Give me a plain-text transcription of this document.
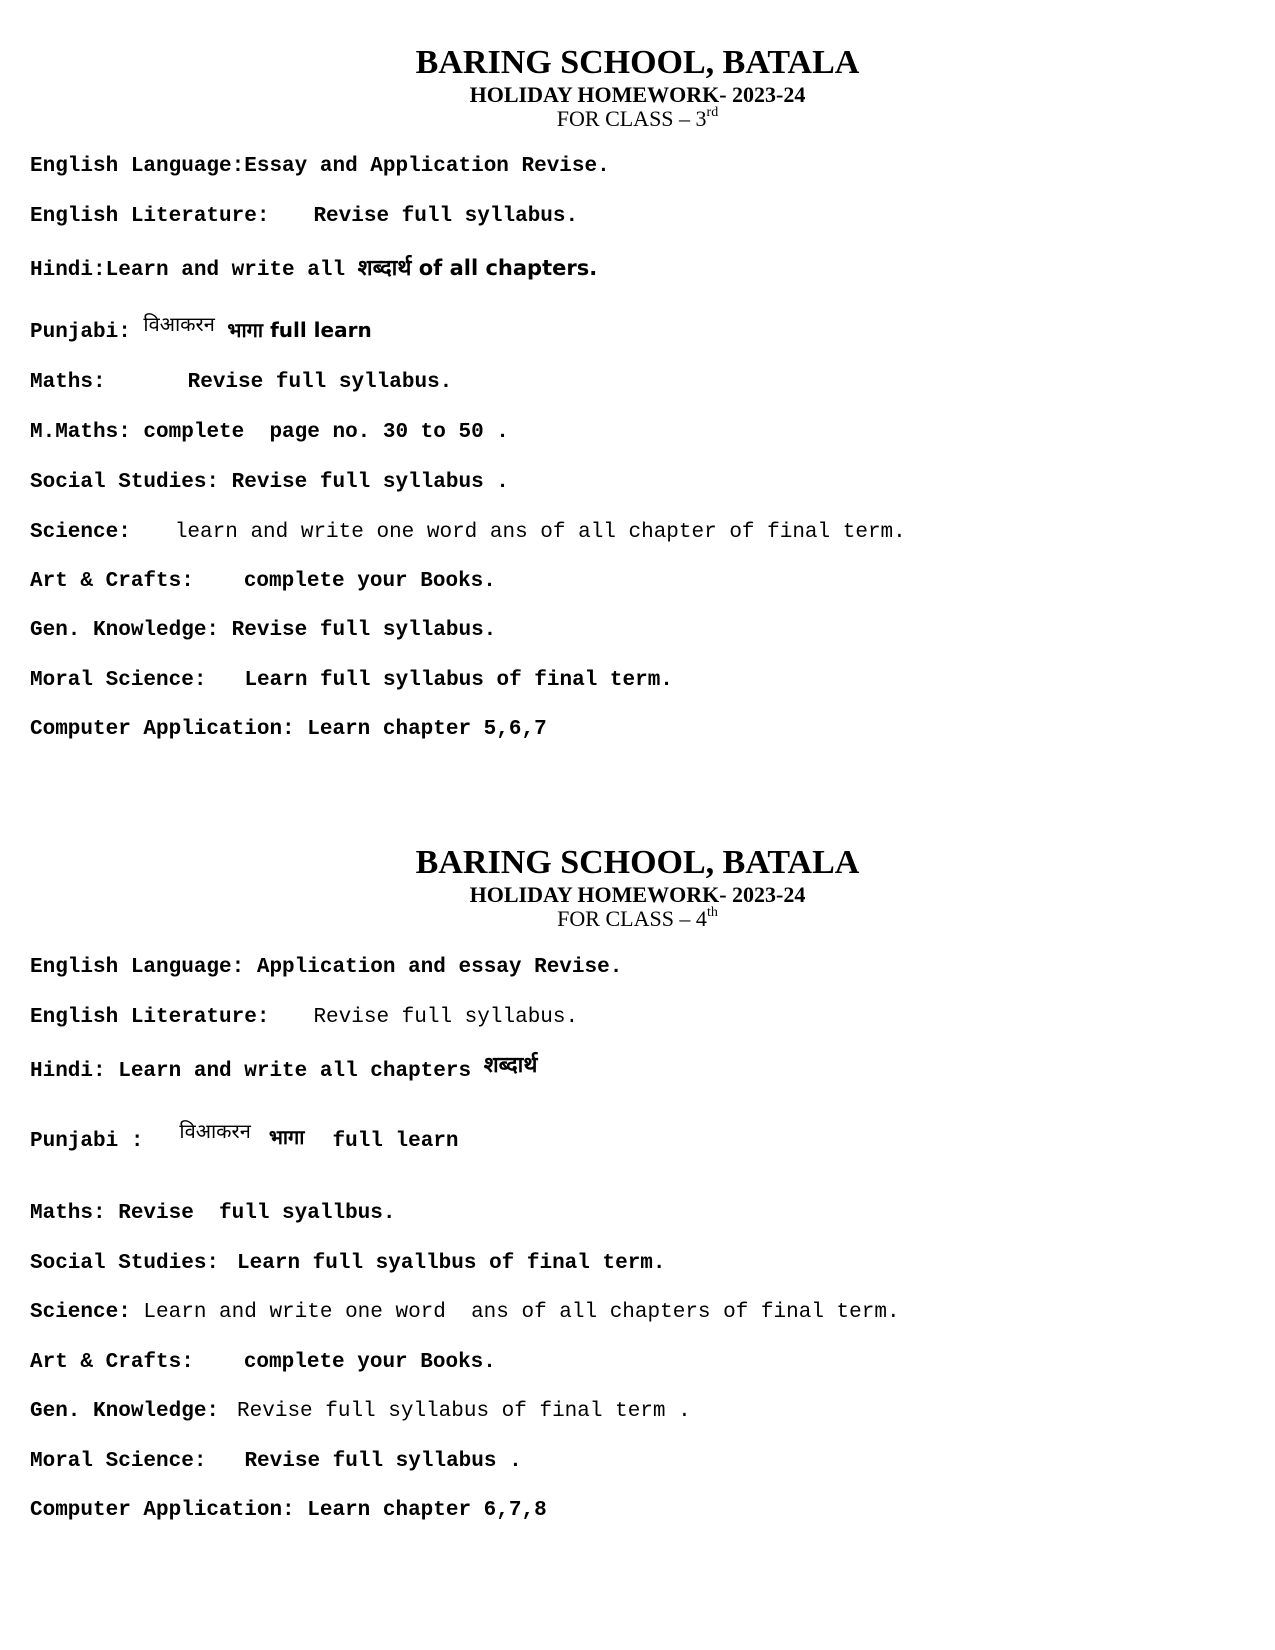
BARING SCHOOL, BATALA
HOLIDAY HOMEWORK- 2023-24
FOR CLASS – 3rd
English Language:Essay and Application Revise.
English Literature: Revise full syllabus.
Hindi:Learn and write all शब्दार्थ of all chapters.
Punjabi: विआकरन भागा full learn
Maths:	Revise full syllabus.
M.Maths: complete  page no. 30 to 50 .
Social Studies: Revise full syllabus .
Science: learn and write one word ans of all chapter of final term.
Art & Crafts: complete your Books.
Gen. Knowledge: Revise full syllabus.
Moral Science: Learn full syllabus of final term.
Computer Application: Learn chapter 5,6,7
BARING SCHOOL, BATALA
HOLIDAY HOMEWORK- 2023-24
FOR CLASS – 4th
English Language: Application and essay Revise.
English Literature: Revise full syllabus.
Hindi: Learn and write all chapters शब्दार्थ
Punjabi : विआकरन भागा full learn
Maths: Revise  full syallbus.
Social Studies: Learn full syallbus of final term.
Science: Learn and write one word  ans of all chapters of final term.
Art & Crafts: complete your Books.
Gen. Knowledge: Revise full syllabus of final term .
Moral Science: Revise full syllabus .
Computer Application: Learn chapter 6,7,8
